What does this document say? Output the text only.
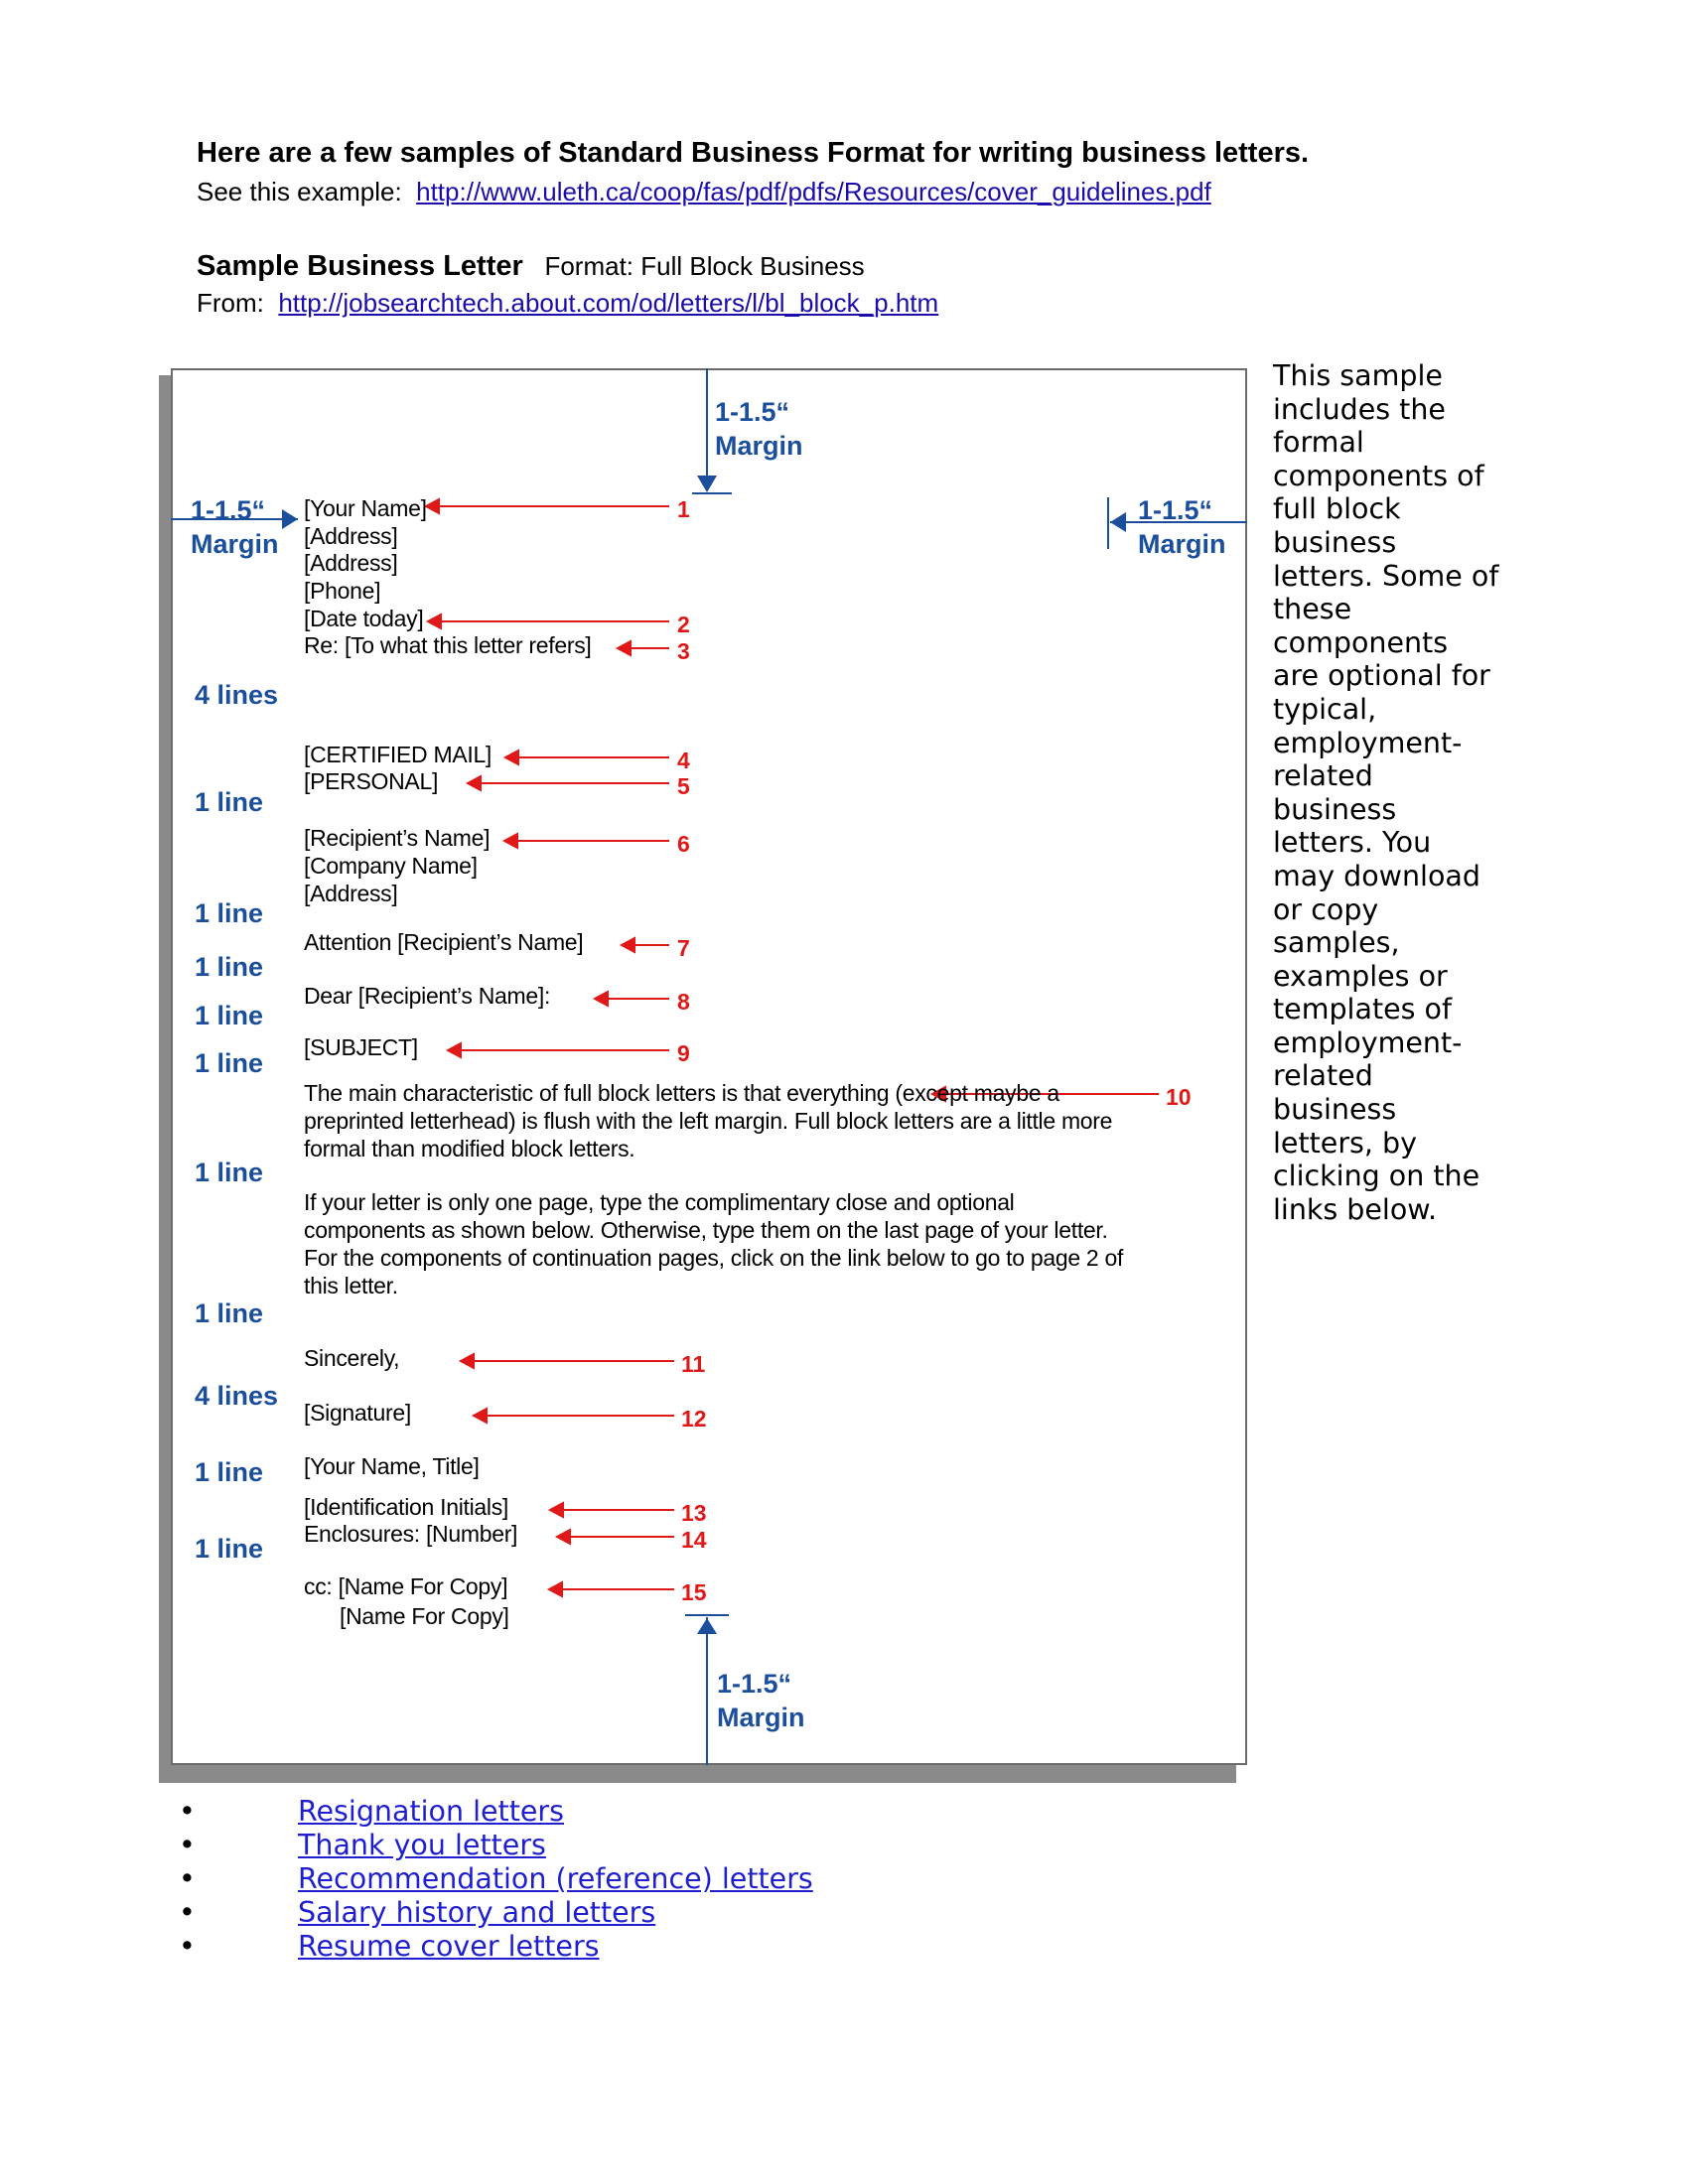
Here are a few samples of Standard Business Format for writing business letters.
See this example: http://www.uleth.ca/coop/fas/pdf/pdfs/Resources/cover_guidelines.pdf
Sample Business Letter Format: Full Block Business
From: http://jobsearchtech.about.com/od/letters/l/bl_block_p.htm
1-1.5“
Margin
1-1.5“
Margin
1-1.5“
Margin
1-1.5“
Margin
4 lines
1 line
1 line
1 line
1 line
1 line
1 line
1 line
4 lines
1 line
1 line
[Your Name]
[Address]
[Address]
[Phone]
[Date today]
Re: [To what this letter refers]
[CERTIFIED MAIL]
[PERSONAL]
[Recipient’s Name]
[Company Name]
[Address]
Attention [Recipient’s Name]
Dear [Recipient’s Name]:
[SUBJECT]
The main characteristic of full block letters is that everything (except maybe a preprinted letterhead) is flush with the left margin. Full block letters are a little more formal than modified block letters.
If your letter is only one page, type the complimentary close and optional components as shown below. Otherwise, type them on the last page of your letter. For the components of continuation pages, click on the link below to go to page 2 of this letter.
Sincerely,
[Signature]
[Your Name, Title]
[Identification Initials]
Enclosures: [Number]
cc: [Name For Copy]
[Name For Copy]
1
2
3
4
5
6
7
8
9
10
11
12
13
14
15
This sample includes the formal components of full block business letters. Some of these components are optional for typical, employment-related business letters. You may download or copy samples, examples or templates of employment-related business letters, by clicking on the links below.
•	Resignation letters
•	Thank you letters
•	Recommendation (reference) letters
•	Salary history and letters
•	Resume cover letters
